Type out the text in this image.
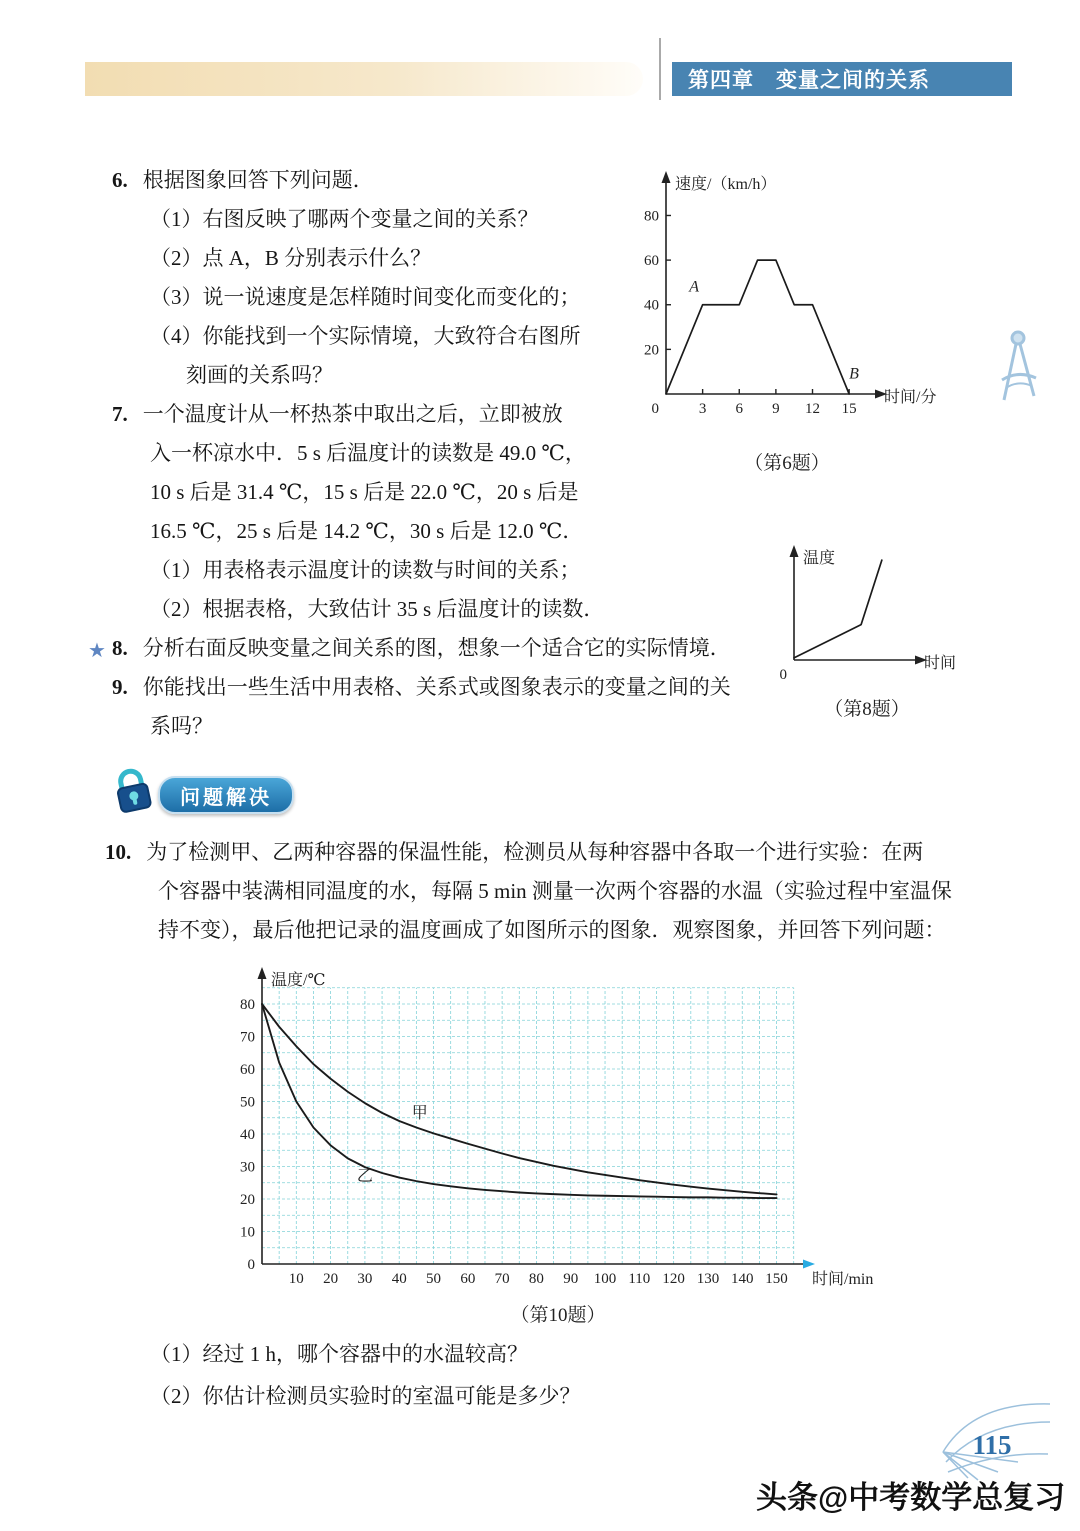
第四章　变量之间的关系
6. 根据图象回答下列问题．
（1）右图反映了哪两个变量之间的关系？
（2）点 A，B 分别表示什么？
（3）说一说速度是怎样随时间变化而变化的；
（4）你能找到一个实际情境，大致符合右图所
刻画的关系吗？
3 6 9 12 15
20
40
60
80
0
速度/（km/h）
时间/分
A
B
（第6题）
7. 一个温度计从一杯热茶中取出之后，立即被放
入一杯凉水中．5 s 后温度计的读数是 49.0 ℃，
10 s 后是 31.4 ℃，15 s 后是 22.0 ℃，20 s 后是
16.5 ℃，25 s 后是 14.2 ℃，30 s 后是 12.0 ℃．
（1）用表格表示温度计的读数与时间的关系；
（2）根据表格，大致估计 35 s 后温度计的读数．
0
温度
时间
（第8题）
★ 8. 分析右面反映变量之间关系的图，想象一个适合它的实际情境．
9. 你能找出一些生活中用表格、关系式或图象表示的变量之间的关
系吗？
问题解决
10. 为了检测甲、乙两种容器的保温性能，检测员从每种容器中各取一个进行实验：在两
个容器中装满相同温度的水，每隔 5 min 测量一次两个容器的水温（实验过程中室温保
持不变），最后他把记录的温度画成了如图所示的图象．观察图象，并回答下列问题：
10 20 30 40 50 60 70 80 90 100 110 120 130 140 150
0
10
20
30
40
50
60
70
80
温度/℃
时间/min
甲
乙
（第10题）
（1）经过 1 h，哪个容器中的水温较高？
（2）你估计检测员实验时的室温可能是多少？
115
头条@中考数学总复习
